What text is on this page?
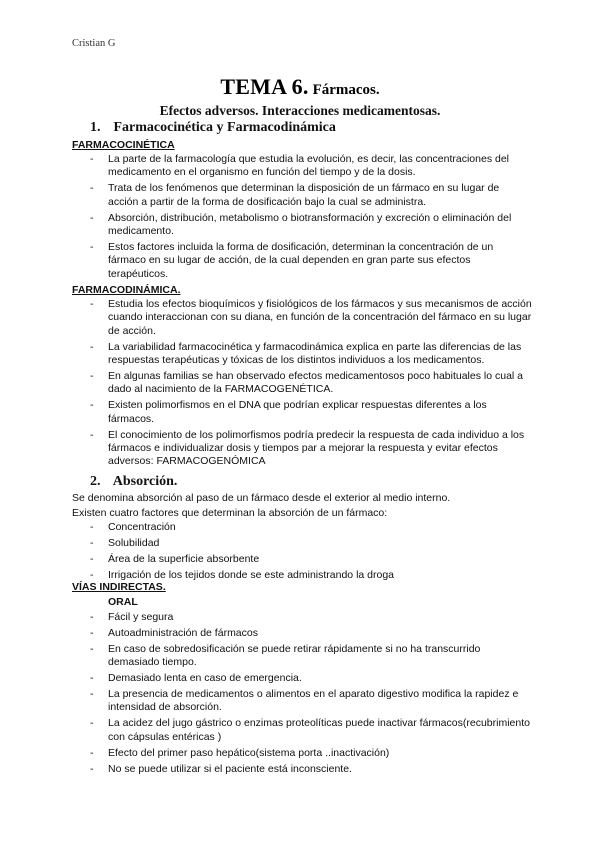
Cristian G
TEMA 6. Fármacos.
Efectos adversos. Interacciones medicamentosas.
1. Farmacocinética y Farmacodinámica
FARMACOCINÉTICA
- La parte de la farmacología que estudia la evolución, es decir, las concentraciones del medicamento en el organismo en función del tiempo y de la dosis.
- Trata de los fenómenos que determinan la disposición de un fármaco en su lugar de acción a partir de la forma de dosificación bajo la cual se administra.
- Absorción, distribución, metabolismo o biotransformación y excreción o eliminación del medicamento.
- Estos factores incluida la forma de dosificación, determinan la concentración de un fármaco en su lugar de acción, de la cual dependen en gran parte sus efectos terapéuticos.
FARMACODINÁMICA.
- Estudia los efectos bioquímicos y fisiológicos de los fármacos y sus mecanismos de acción cuando interaccionan con su diana, en función de la concentración del fármaco en su lugar de acción.
- La variabilidad farmacocinética y farmacodinámica explica en parte las diferencias de las respuestas terapéuticas y tóxicas de los distintos individuos a los medicamentos.
- En algunas familias se han observado efectos medicamentosos poco habituales lo cual a dado al nacimiento de la FARMACOGENÉTICA.
- Existen polimorfismos en el DNA que podrían explicar respuestas diferentes a los fármacos.
- El conocimiento de los polimorfismos podría predecir la respuesta de cada individuo a los fármacos e individualizar dosis y tiempos par a mejorar la respuesta y evitar efectos adversos: FARMACOGENÓMICA
2. Absorción.
Se denomina absorción al paso de un fármaco desde el exterior al medio interno.
Existen cuatro factores que determinan la absorción de un fármaco:
- Concentración
- Solubilidad
- Área de la superficie absorbente
- Irrigación de los tejidos donde se este administrando la droga
VÍAS INDIRECTAS.
ORAL
- Fácil y segura
- Autoadministración de fármacos
- En caso de sobredosificación se puede retirar rápidamente si no ha transcurrido demasiado tiempo.
- Demasiado lenta en caso de emergencia.
- La presencia de medicamentos o alimentos en el aparato digestivo modifica la rapidez e intensidad de absorción.
- La acidez del jugo gástrico o enzimas proteolíticas puede inactivar fármacos(recubrimiento con cápsulas entéricas )
- Efecto del primer paso hepático(sistema porta ..inactivación)
- No se puede utilizar si el paciente está inconsciente.
